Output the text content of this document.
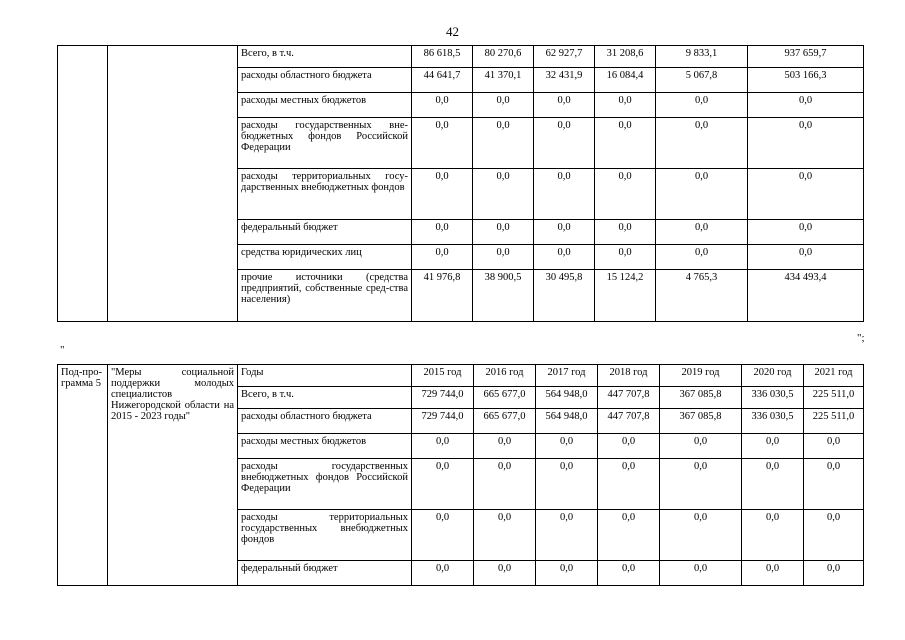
42
		Всего, в т.ч.	86 618,5	80 270,6	62 927,7	31 208,6	9 833,1	937 659,7
		расходы областного бюджета	44 641,7	41 370,1	32 431,9	16 084,4	5 067,8	503 166,3
		расходы местных бюджетов	0,0	0,0	0,0	0,0	0,0	0,0
		расходы государственных вне-бюджетных фондов Российской Федерации	0,0	0,0	0,0	0,0	0,0	0,0
		расходы территориальных госу-дарственных внебюджетных фондов	0,0	0,0	0,0	0,0	0,0	0,0
		федеральный бюджет	0,0	0,0	0,0	0,0	0,0	0,0
		средства юридических лиц	0,0	0,0	0,0	0,0	0,0	0,0
		прочие источники (средства предприятий, собственные сред-ства населения)	41 976,8	38 900,5	30 495,8	15 124,2	4 765,3	434 493,4
";
"
Под-про-грамма 5	"Меры социальной поддержки молодых специалистов Нижегородской области на 2015 - 2023 годы"	Годы	2015 год	2016 год	2017 год	2018 год	2019 год	2020 год	2021 год
		Всего, в т.ч.	729 744,0	665 677,0	564 948,0	447 707,8	367 085,8	336 030,5	225 511,0
		расходы областного бюджета	729 744,0	665 677,0	564 948,0	447 707,8	367 085,8	336 030,5	225 511,0
		расходы местных бюджетов	0,0	0,0	0,0	0,0	0,0	0,0	0,0
		расходы государственных внебюджетных фондов Российской Федерации	0,0	0,0	0,0	0,0	0,0	0,0	0,0
		расходы территориальных государственных внебюджетных фондов	0,0	0,0	0,0	0,0	0,0	0,0	0,0
		федеральный бюджет	0,0	0,0	0,0	0,0	0,0	0,0	0,0
